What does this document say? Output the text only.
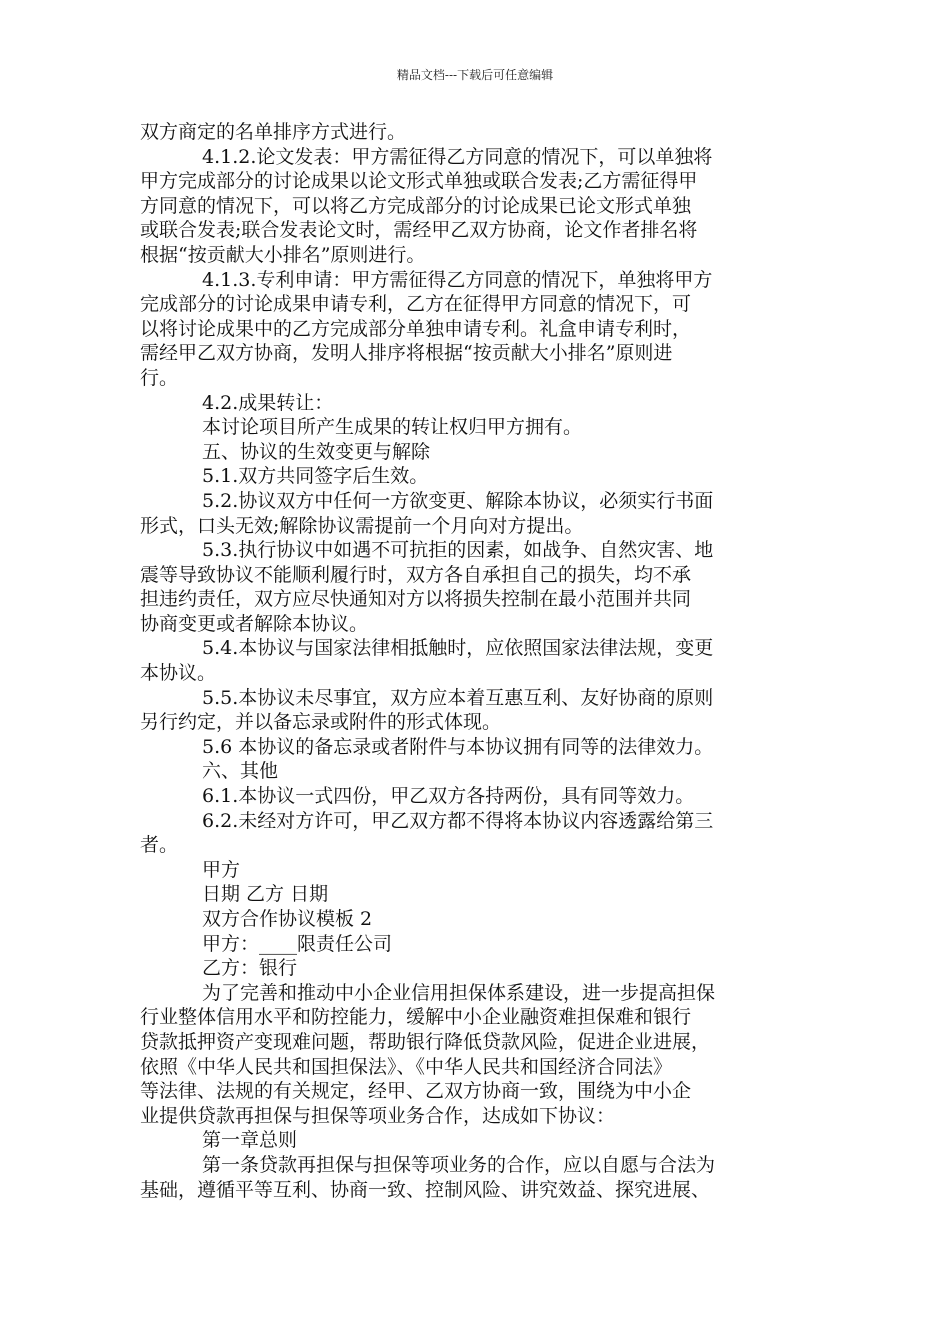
精品文档---下载后可任意编辑
双方商定的名单排序方式进行。
4.1.2.论文发表：甲方需征得乙方同意的情况下，可以单独将
甲方完成部分的讨论成果以论文形式单独或联合发表;乙方需征得甲
方同意的情况下，可以将乙方完成部分的讨论成果已论文形式单独
或联合发表;联合发表论文时，需经甲乙双方协商，论文作者排名将
根据“按贡献大小排名”原则进行。
4.1.3.专利申请：甲方需征得乙方同意的情况下，单独将甲方
完成部分的讨论成果申请专利，乙方在征得甲方同意的情况下，可
以将讨论成果中的乙方完成部分单独申请专利。礼盒申请专利时，
需经甲乙双方协商，发明人排序将根据“按贡献大小排名”原则进
行。
4.2.成果转让：
本讨论项目所产生成果的转让权归甲方拥有。
五、协议的生效变更与解除
5.1.双方共同签字后生效。
5.2.协议双方中任何一方欲变更、解除本协议，必须实行书面
形式，口头无效;解除协议需提前一个月向对方提出。
5.3.执行协议中如遇不可抗拒的因素，如战争、自然灾害、地
震等导致协议不能顺利履行时，双方各自承担自己的损失，均不承
担违约责任，双方应尽快通知对方以将损失控制在最小范围并共同
协商变更或者解除本协议。
5.4.本协议与国家法律相抵触时，应依照国家法律法规，变更
本协议。
5.5.本协议未尽事宜，双方应本着互惠互利、友好协商的原则
另行约定，并以备忘录或附件的形式体现。
5.6 本协议的备忘录或者附件与本协议拥有同等的法律效力。
六、其他
6.1.本协议一式四份，甲乙双方各持两份，具有同等效力。
6.2.未经对方许可，甲乙双方都不得将本协议内容透露给第三
者。
甲方
日期 乙方 日期
双方合作协议模板 2
甲方：____限责任公司
乙方：银行
为了完善和推动中小企业信用担保体系建设，进一步提高担保
行业整体信用水平和防控能力，缓解中小企业融资难担保难和银行
贷款抵押资产变现难问题，帮助银行降低贷款风险，促进企业进展，
依照《中华人民共和国担保法》、《中华人民共和国经济合同法》
等法律、法规的有关规定，经甲、乙双方协商一致，围绕为中小企
业提供贷款再担保与担保等项业务合作，达成如下协议：
第一章总则
第一条贷款再担保与担保等项业务的合作，应以自愿与合法为
基础，遵循平等互利、协商一致、控制风险、讲究效益、探究进展、
